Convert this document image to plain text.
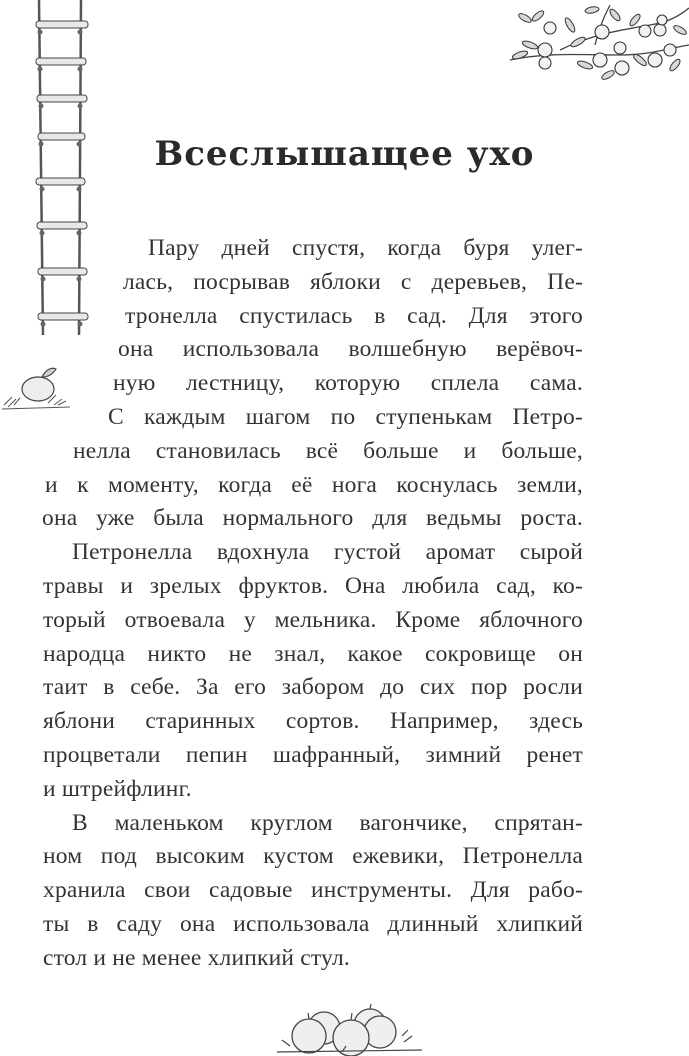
Всеслышащее ухо
Пару дней спустя, когда буря улег-
лась, посрывав яблоки с деревьев, Пе-
тронелла спустилась в сад. Для этого
она использовала волшебную верёвоч-
ную лестницу, которую сплела сама.
С каждым шагом по ступенькам Петро-
нелла становилась всё больше и больше,
и к моменту, когда её нога коснулась земли,
она уже была нормального для ведьмы роста.
Петронелла вдохнула густой аромат сырой
травы и зрелых фруктов. Она любила сад, ко-
торый отвоевала у мельника. Кроме яблочного
народца никто не знал, какое сокровище он
таит в себе. За его забором до сих пор росли
яблони старинных сортов. Например, здесь
процветали пепин шафранный, зимний ренет
и штрейфлинг.
В маленьком круглом вагончике, спрятан-
ном под высоким кустом ежевики, Петронелла
хранила свои садовые инструменты. Для рабо-
ты в саду она использовала длинный хлипкий
стол и не менее хлипкий стул.
